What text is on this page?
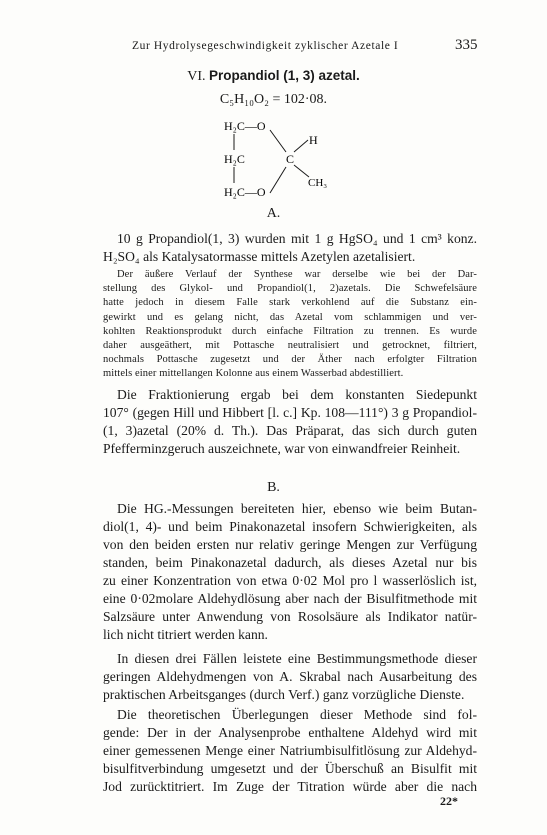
Zur Hydrolysegeschwindigkeit zyklischer Azetale I	335
VI. Propandiol (1, 3) azetal.
C₅H₁₀O₂ = 102·08.
H₂C—O
H₂C
H₂C—O
C
H
CH₃
A.
10 g Propandiol(1, 3) wurden mit 1 g HgSO₄ und 1 cm³ konz.
H₂SO₄ als Katalysatormasse mittels Azetylen azetalisiert.
Der äußere Verlauf der Synthese war derselbe wie bei der Dar-
stellung des Glykol- und Propandiol(1, 2)azetals. Die Schwefelsäure
hatte jedoch in diesem Falle stark verkohlend auf die Substanz ein-
gewirkt und es gelang nicht, das Azetal vom schlammigen und ver-
kohlten Reaktionsprodukt durch einfache Filtration zu trennen. Es wurde
daher ausgeäthert, mit Pottasche neutralisiert und getrocknet, filtriert,
nochmals Pottasche zugesetzt und der Äther nach erfolgter Filtration
mittels einer mittellangen Kolonne aus einem Wasserbad abdestilliert.
Die Fraktionierung ergab bei dem konstanten Siedepunkt
107° (gegen Hill und Hibbert [l. c.] Kp. 108—111°) 3 g Propandiol-
(1, 3)azetal (20% d. Th.). Das Präparat, das sich durch guten
Pfefferminzgeruch auszeichnete, war von einwandfreier Reinheit.
B.
Die HG.-Messungen bereiteten hier, ebenso wie beim Butan-
diol(1, 4)- und beim Pinakonazetal insofern Schwierigkeiten, als
von den beiden ersten nur relativ geringe Mengen zur Verfügung
standen, beim Pinakonazetal dadurch, als dieses Azetal nur bis
zu einer Konzentration von etwa 0·02 Mol pro l wasserlöslich ist,
eine 0·02molare Aldehydlösung aber nach der Bisulfitmethode mit
Salzsäure unter Anwendung von Rosolsäure als Indikator natür-
lich nicht titriert werden kann.
In diesen drei Fällen leistete eine Bestimmungsmethode dieser
geringen Aldehydmengen von A. Skrabal nach Ausarbeitung des
praktischen Arbeitsganges (durch Verf.) ganz vorzügliche Dienste.
Die theoretischen Überlegungen dieser Methode sind fol-
gende: Der in der Analysenprobe enthaltene Aldehyd wird mit
einer gemessenen Menge einer Natriumbisulfitlösung zur Aldehyd-
bisulfitverbindung umgesetzt und der Überschuß an Bisulfit mit
Jod zurücktitriert. Im Zuge der Titration würde aber die nach
22*
